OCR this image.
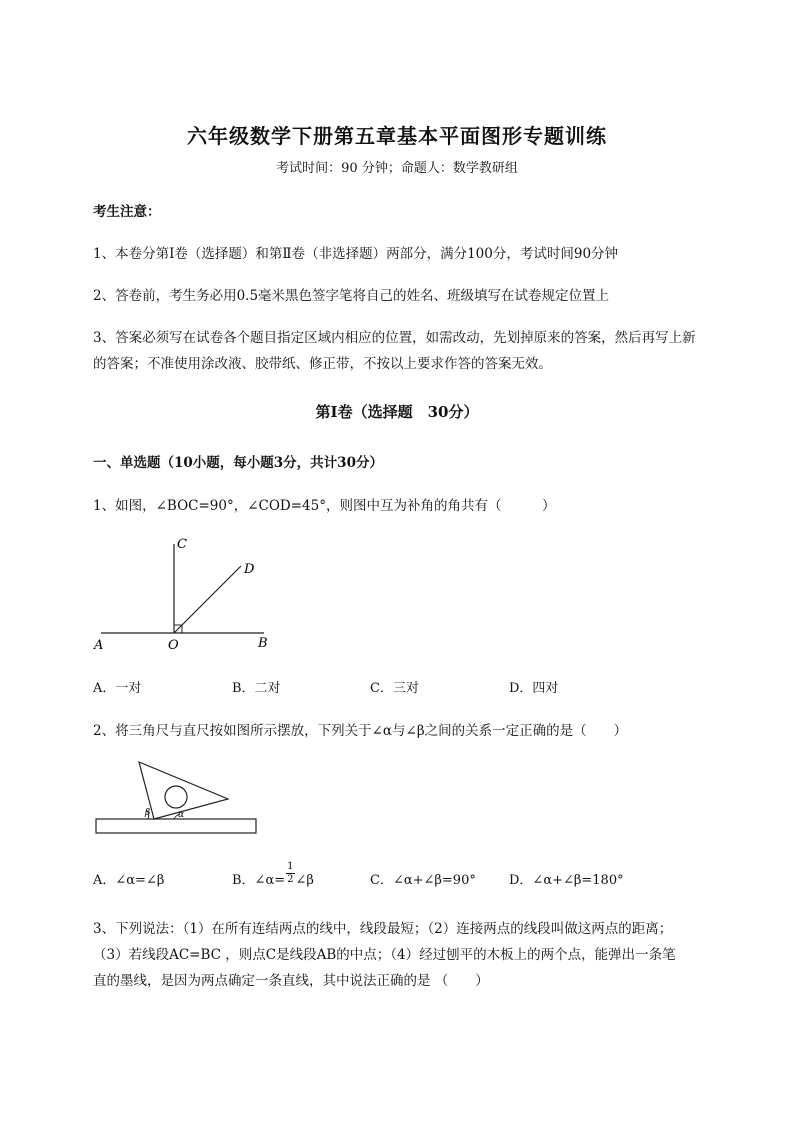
六年级数学下册第五章基本平面图形专题训练
考试时间：90 分钟；命题人：数学教研组
考生注意：
1、本卷分第Ⅰ卷（选择题）和第Ⅱ卷（非选择题）两部分，满分100分，考试时间90分钟
2、答卷前，考生务必用0.5毫米黑色签字笔将自己的姓名、班级填写在试卷规定位置上
3、答案必须写在试卷各个题目指定区域内相应的位置，如需改动，先划掉原来的答案，然后再写上新
的答案；不准使用涂改液、胶带纸、修正带，不按以上要求作答的答案无效。
第Ⅰ卷（选择题　30分）
一、单选题（10小题，每小题3分，共计30分）
1、如图，∠BOC=90°，∠COD=45°，则图中互为补角的角共有（　　　）
A	O	B
C
D
A．一对	B．二对	C．三对	D．四对
2、将三角尺与直尺按如图所示摆放，下列关于∠α与∠β之间的关系一定正确的是（　　）
α
β
A．∠α=∠β	B．∠α= $\frac{1}{2}$ ∠β	C．∠α+∠β=90°	D．∠α+∠β=180°
3、下列说法：（1）在所有连结两点的线中，线段最短；（2）连接两点的线段叫做这两点的距离；
（3）若线段AC=BC ，则点C是线段AB的中点；（4）经过刨平的木板上的两个点，能弹出一条笔
直的墨线，是因为两点确定一条直线，其中说法正确的是 （　　）
